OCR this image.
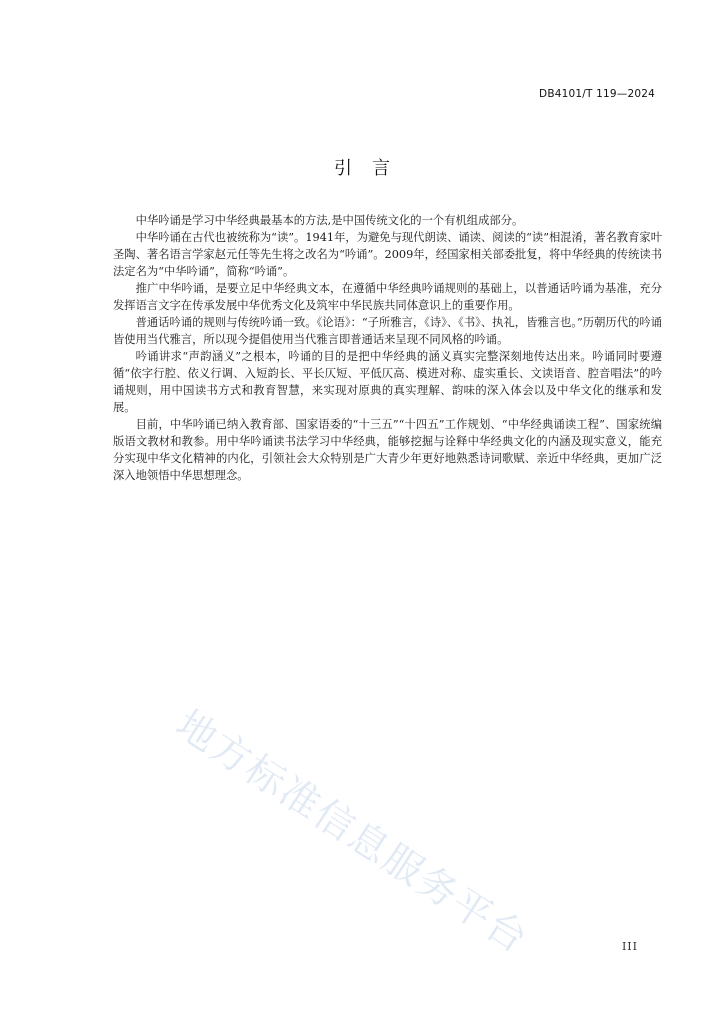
DB4101/T 119—2024
引言

中华吟诵是学习中华经典最基本的方法,是中国传统文化的一个有机组成部分。

中华吟诵在古代也被统称为“读”。1941年，为避免与现代朗读、诵读、阅读的“读”相混淆，著名教育家叶圣陶、著名语言学家赵元任等先生将之改名为“吟诵”。2009年，经国家相关部委批复，将中华经典的传统读书法定名为“中华吟诵”，简称“吟诵”。

推广中华吟诵，是要立足中华经典文本，在遵循中华经典吟诵规则的基础上，以普通话吟诵为基准，充分发挥语言文字在传承发展中华优秀文化及筑牢中华民族共同体意识上的重要作用。

普通话吟诵的规则与传统吟诵一致。《论语》：“子所雅言，《诗》、《书》、执礼，皆雅言也。”历朝历代的吟诵皆使用当代雅言，所以现今提倡使用当代雅言即普通话来呈现不同风格的吟诵。

吟诵讲求“声韵涵义”之根本，吟诵的目的是把中华经典的涵义真实完整深刻地传达出来。吟诵同时要遵循“依字行腔、依义行调、入短韵长、平长仄短、平低仄高、模进对称、虚实重长、文读语音、腔音唱法”的吟诵规则，用中国读书方式和教育智慧，来实现对原典的真实理解、韵味的深入体会以及中华文化的继承和发展。

目前，中华吟诵已纳入教育部、国家语委的“十三五”“十四五”工作规划、“中华经典诵读工程”、国家统编版语文教材和教参。用中华吟诵读书法学习中华经典，能够挖掘与诠释中华经典文化的内涵及现实意义，能充分实现中华文化精神的内化，引领社会大众特别是广大青少年更好地熟悉诗词歌赋、亲近中华经典，更加广泛深入地领悟中华思想理念。

地方标准信息服务平台	III
